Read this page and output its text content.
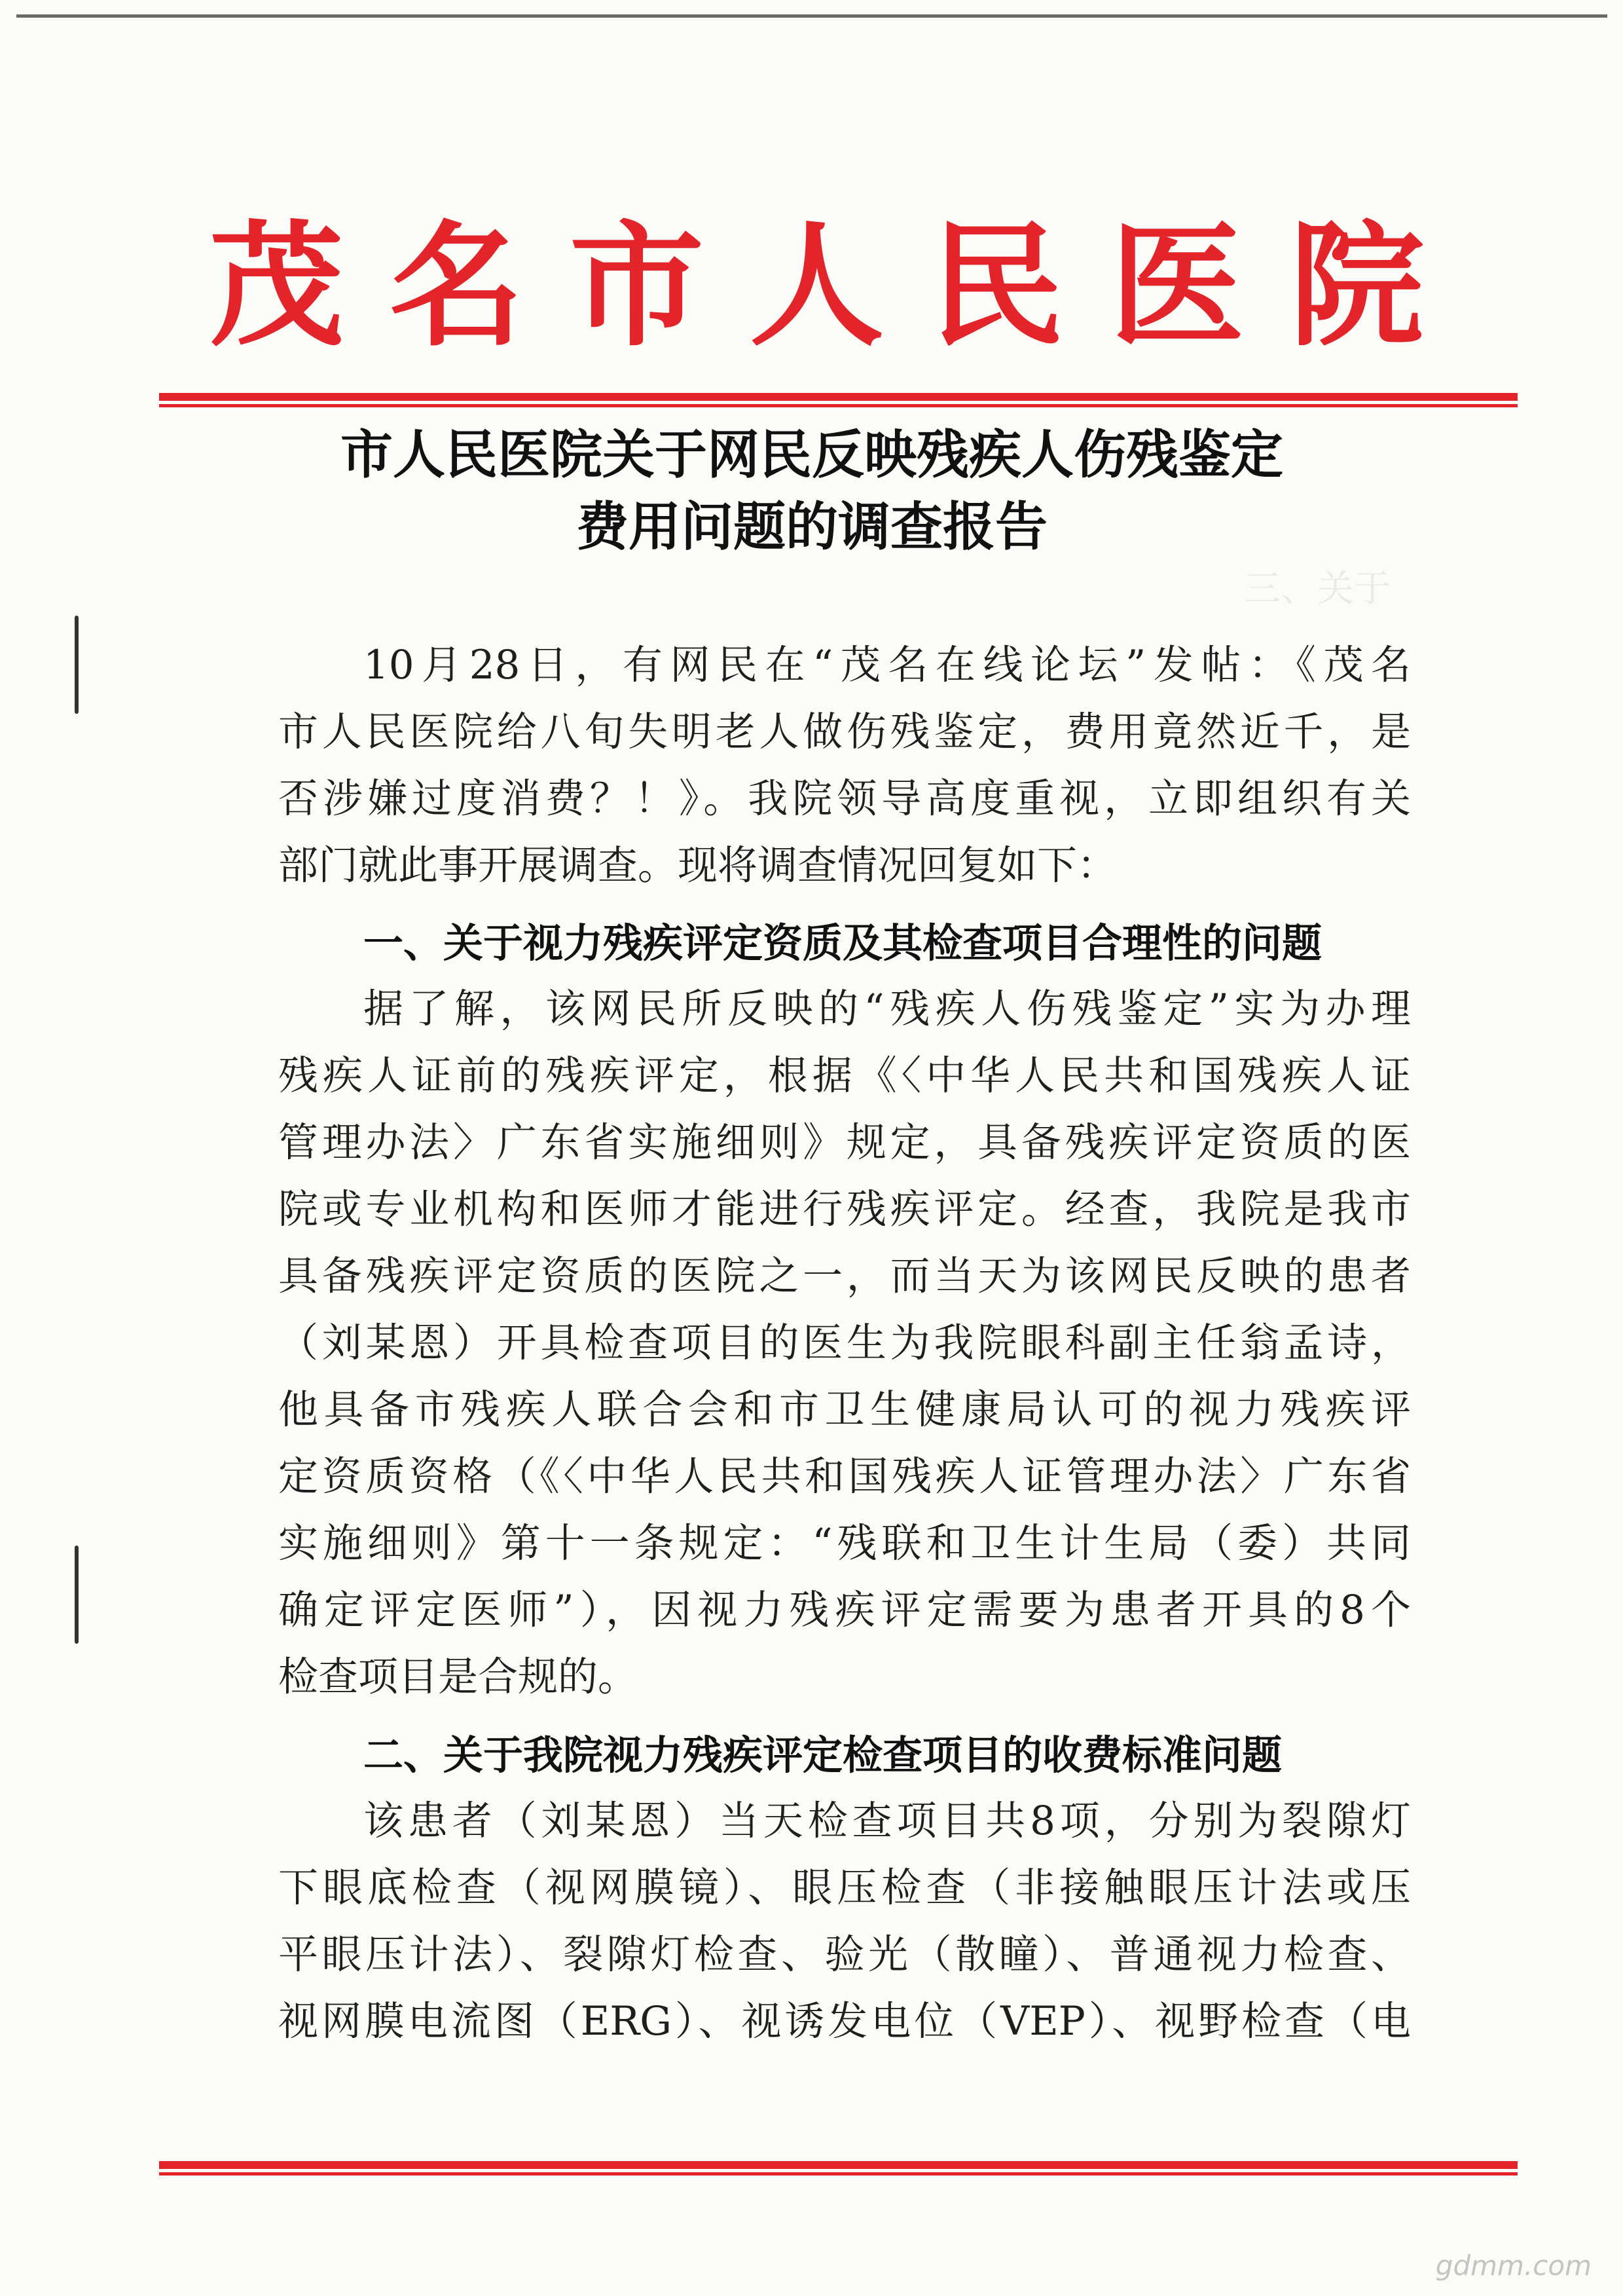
三、关于
茂名市人民医院
市人民医院关于网民反映残疾人伤残鉴定
费用问题的调查报告
10月28日，有网民在“茂名在线论坛”发帖：《茂名
市人民医院给八旬失明老人做伤残鉴定，费用竟然近千，是
否涉嫌过度消费？！》。我院领导高度重视，立即组织有关
部门就此事开展调查。现将调查情况回复如下：
一、关于视力残疾评定资质及其检查项目合理性的问题
据了解，该网民所反映的“残疾人伤残鉴定”实为办理
残疾人证前的残疾评定，根据《〈中华人民共和国残疾人证
管理办法〉广东省实施细则》规定，具备残疾评定资质的医
院或专业机构和医师才能进行残疾评定。经查，我院是我市
具备残疾评定资质的医院之一，而当天为该网民反映的患者
（刘某恩）开具检查项目的医生为我院眼科副主任翁孟诗，
他具备市残疾人联合会和市卫生健康局认可的视力残疾评
定资质资格（《〈中华人民共和国残疾人证管理办法〉广东省
实施细则》第十一条规定：“残联和卫生计生局（委）共同
确定评定医师”），因视力残疾评定需要为患者开具的8个
检查项目是合规的。
二、关于我院视力残疾评定检查项目的收费标准问题
该患者（刘某恩）当天检查项目共8项，分别为裂隙灯
下眼底检查（视网膜镜）、眼压检查（非接触眼压计法或压
平眼压计法）、裂隙灯检查、验光（散瞳）、普通视力检查、
视网膜电流图（ERG）、视诱发电位（VEP）、视野检查（电
gdmm.com
